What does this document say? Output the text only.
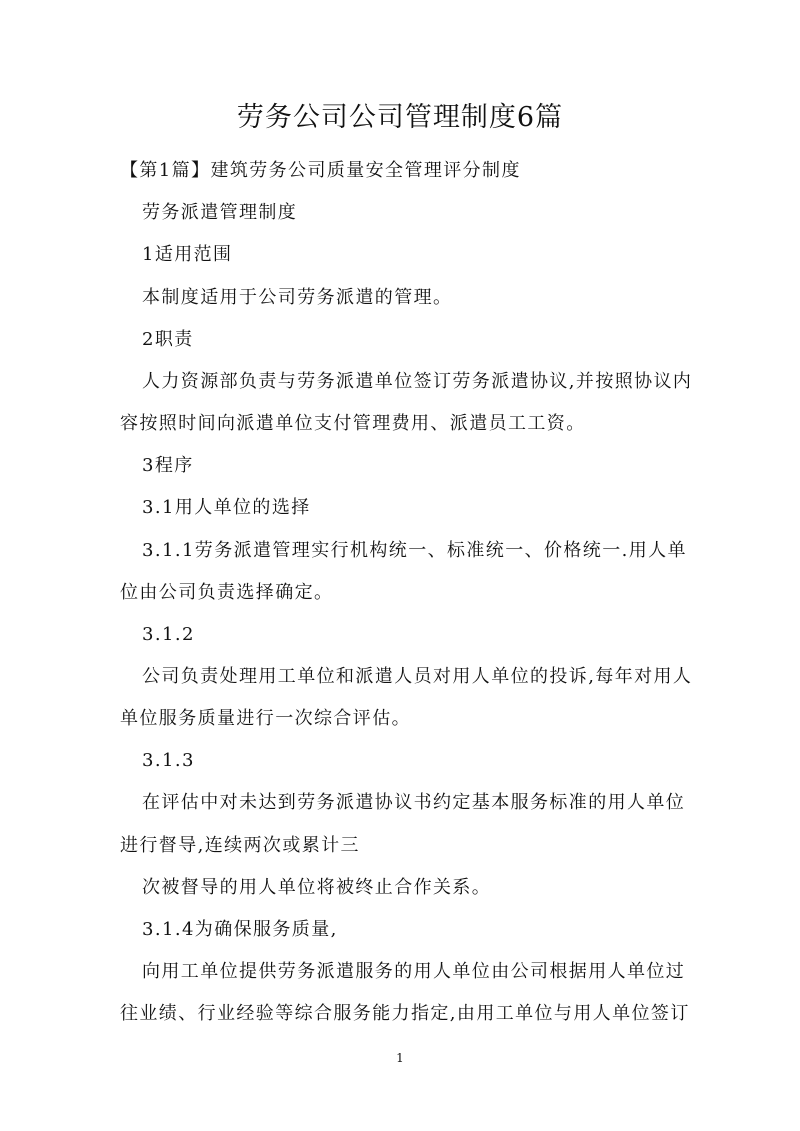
劳务公司公司管理制度6篇
【第1篇】建筑劳务公司质量安全管理评分制度
劳务派遣管理制度
1适用范围
本制度适用于公司劳务派遣的管理。
2职责
人力资源部负责与劳务派遣单位签订劳务派遣协议,并按照协议内
容按照时间向派遣单位支付管理费用、派遣员工工资。
3程序
3.1用人单位的选择
3.1.1劳务派遣管理实行机构统一、标准统一、价格统一.用人单
位由公司负责选择确定。
3.1.2
公司负责处理用工单位和派遣人员对用人单位的投诉,每年对用人
单位服务质量进行一次综合评估。
3.1.3
在评估中对未达到劳务派遣协议书约定基本服务标准的用人单位
进行督导,连续两次或累计三
次被督导的用人单位将被终止合作关系。
3.1.4为确保服务质量,
向用工单位提供劳务派遣服务的用人单位由公司根据用人单位过
往业绩、行业经验等综合服务能力指定,由用工单位与用人单位签订
1
